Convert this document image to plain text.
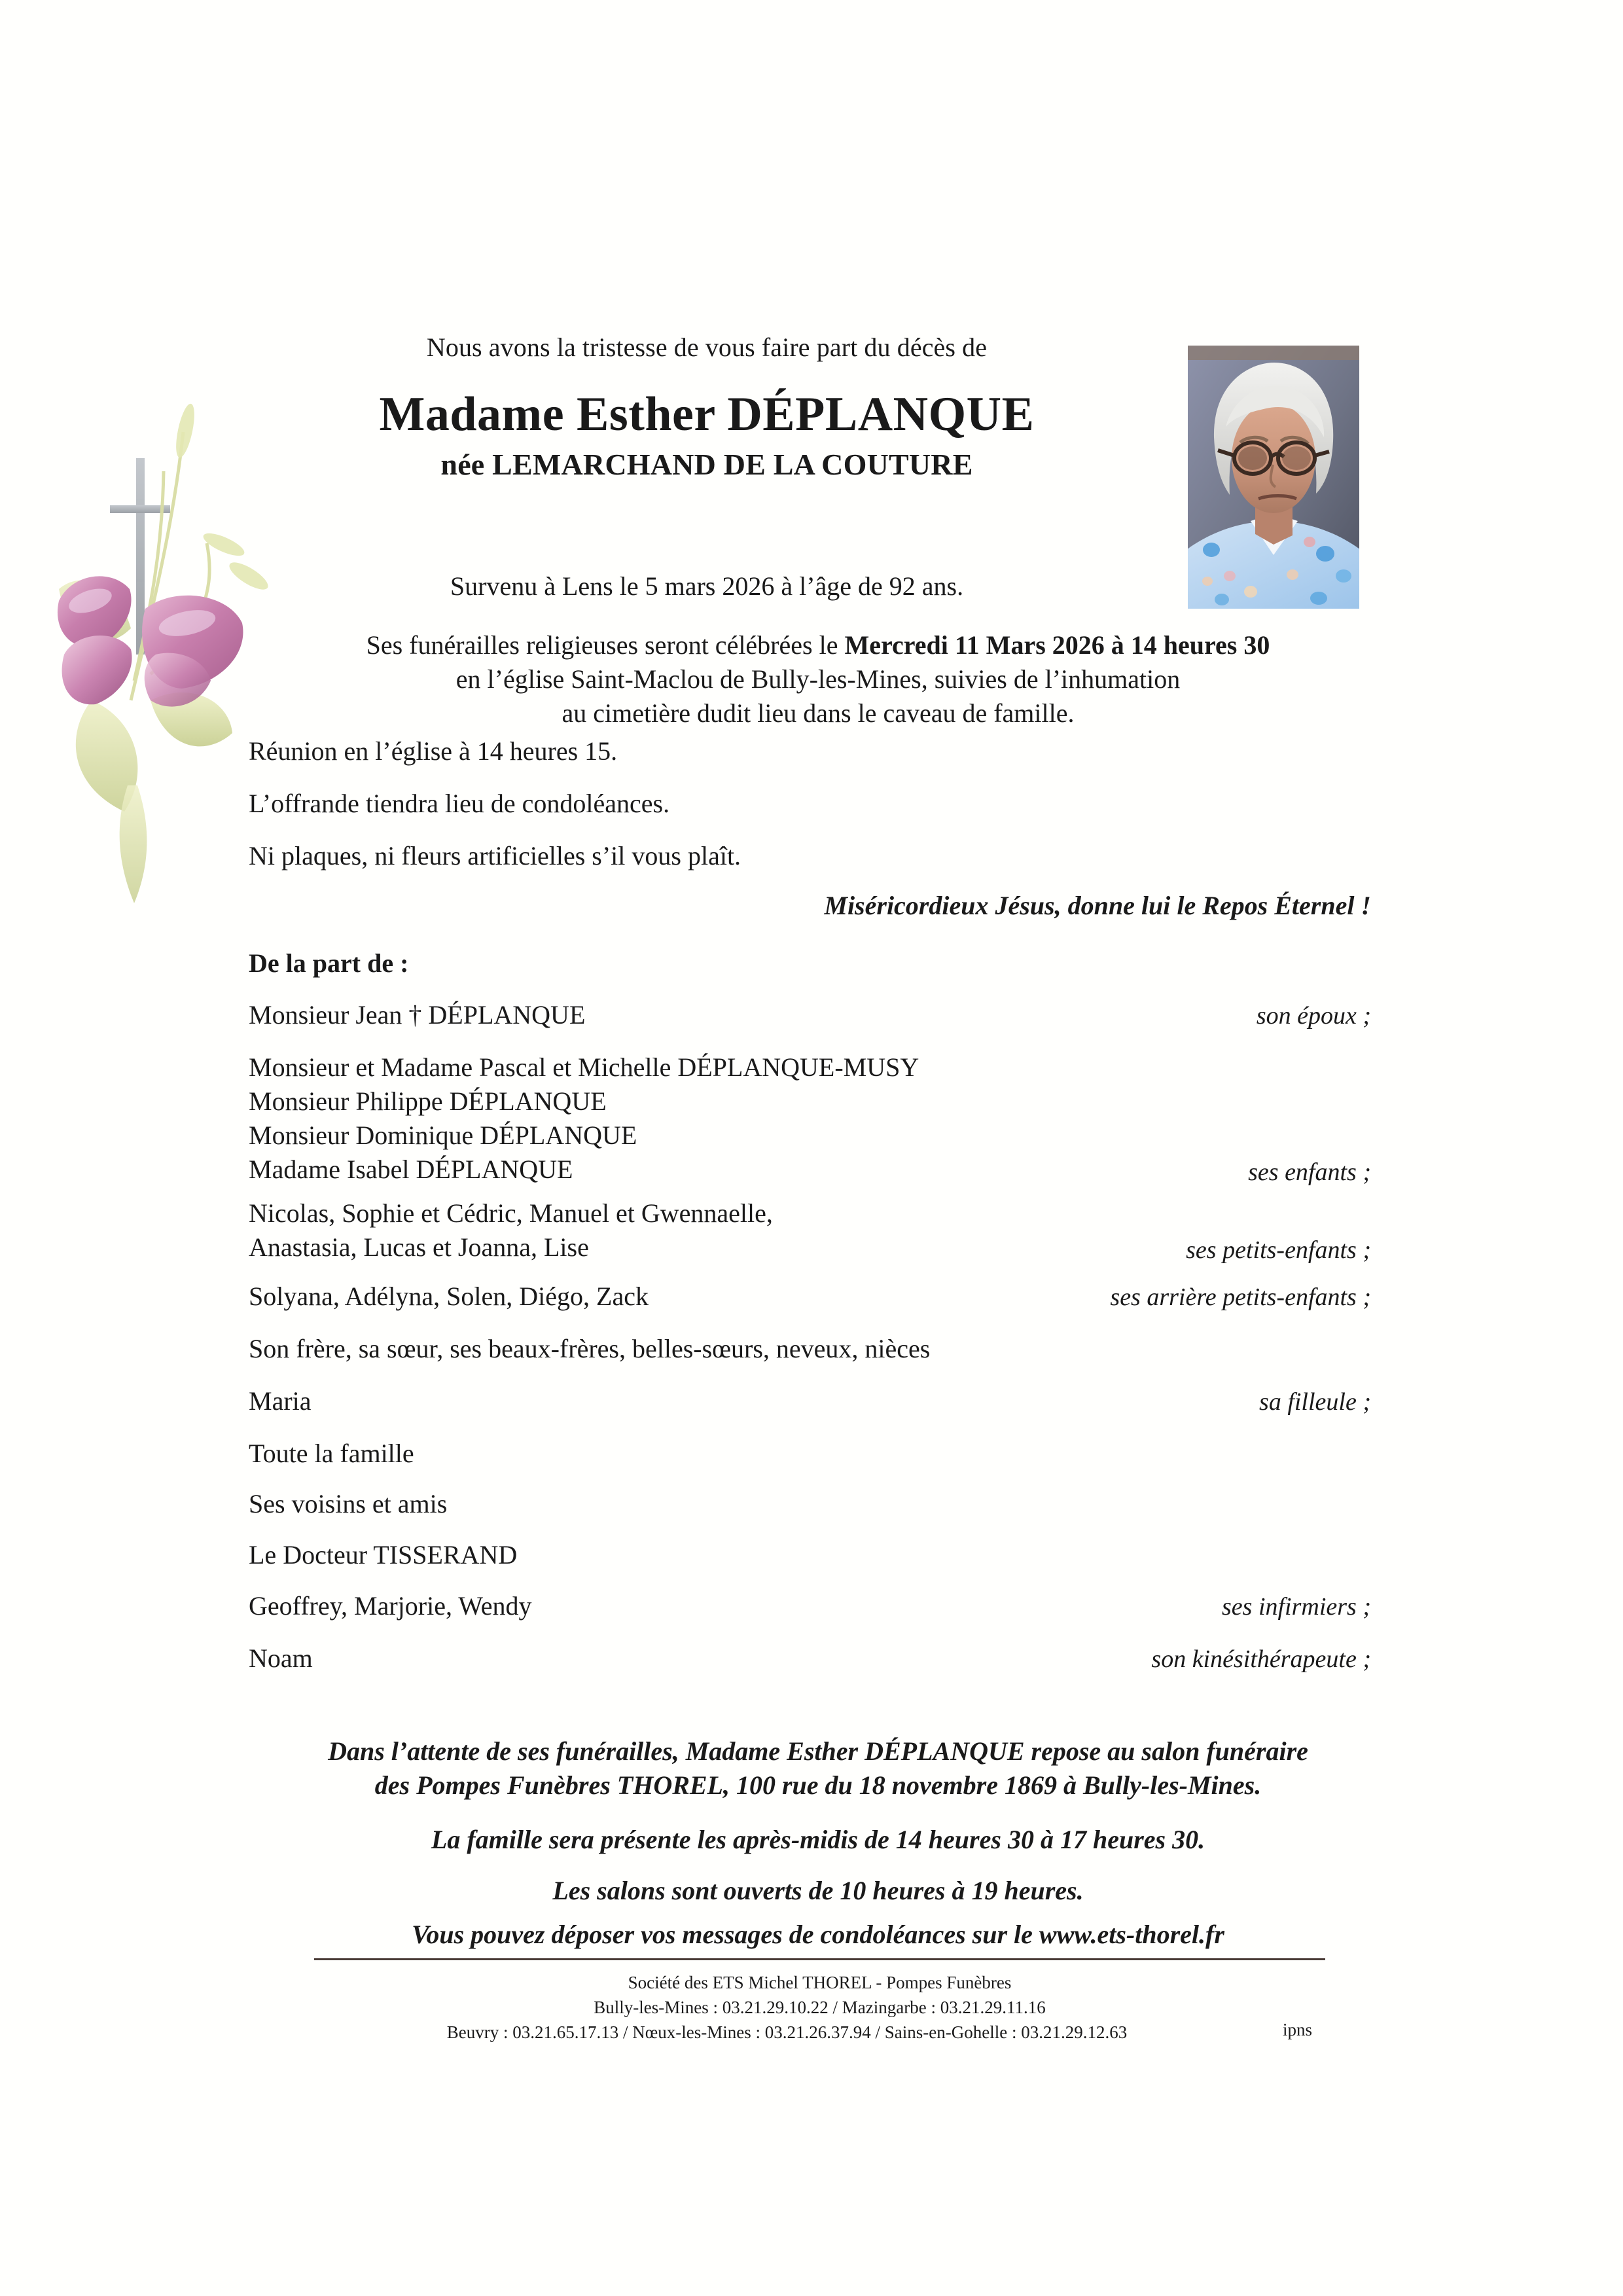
Nous avons la tristesse de vous faire part du décès de
Madame Esther DÉPLANQUE
née LEMARCHAND DE LA COUTURE
Survenu à Lens le 5 mars 2026 à l’âge de 92 ans.
Ses funérailles religieuses seront célébrées le Mercredi 11 Mars 2026 à 14 heures 30
en l’église Saint-Maclou de Bully-les-Mines, suivies de l’inhumation
au cimetière dudit lieu dans le caveau de famille.
Réunion en l’église à 14 heures 15.
L’offrande tiendra lieu de condoléances.
Ni plaques, ni fleurs artificielles s’il vous plaît.
Miséricordieux Jésus, donne lui le Repos Éternel !
De la part de :
Monsieur Jean † DÉPLANQUE	son époux ;
Monsieur et Madame Pascal et Michelle DÉPLANQUE-MUSY
Monsieur Philippe DÉPLANQUE
Monsieur Dominique DÉPLANQUE
Madame Isabel DÉPLANQUE	ses enfants ;
Nicolas, Sophie et Cédric, Manuel et Gwennaelle,
Anastasia, Lucas et Joanna, Lise	ses petits-enfants ;
Solyana, Adélyna, Solen, Diégo, Zack	ses arrière petits-enfants ;
Son frère, sa sœur, ses beaux-frères, belles-sœurs, neveux, nièces
Maria	sa filleule ;
Toute la famille
Ses voisins et amis
Le Docteur TISSERAND
Geoffrey, Marjorie, Wendy	ses infirmiers ;
Noam	son kinésithérapeute ;
Dans l’attente de ses funérailles, Madame Esther DÉPLANQUE repose au salon funéraire
des Pompes Funèbres THOREL, 100 rue du 18 novembre 1869 à Bully-les-Mines.
La famille sera présente les après-midis de 14 heures 30 à 17 heures 30.
Les salons sont ouverts de 10 heures à 19 heures.
Vous pouvez déposer vos messages de condoléances sur le www.ets-thorel.fr
Société des ETS Michel THOREL - Pompes Funèbres
Bully-les-Mines : 03.21.29.10.22 / Mazingarbe : 03.21.29.11.16
Beuvry : 03.21.65.17.13 / Nœux-les-Mines : 03.21.26.37.94 / Sains-en-Gohelle : 03.21.29.12.63	ipns
